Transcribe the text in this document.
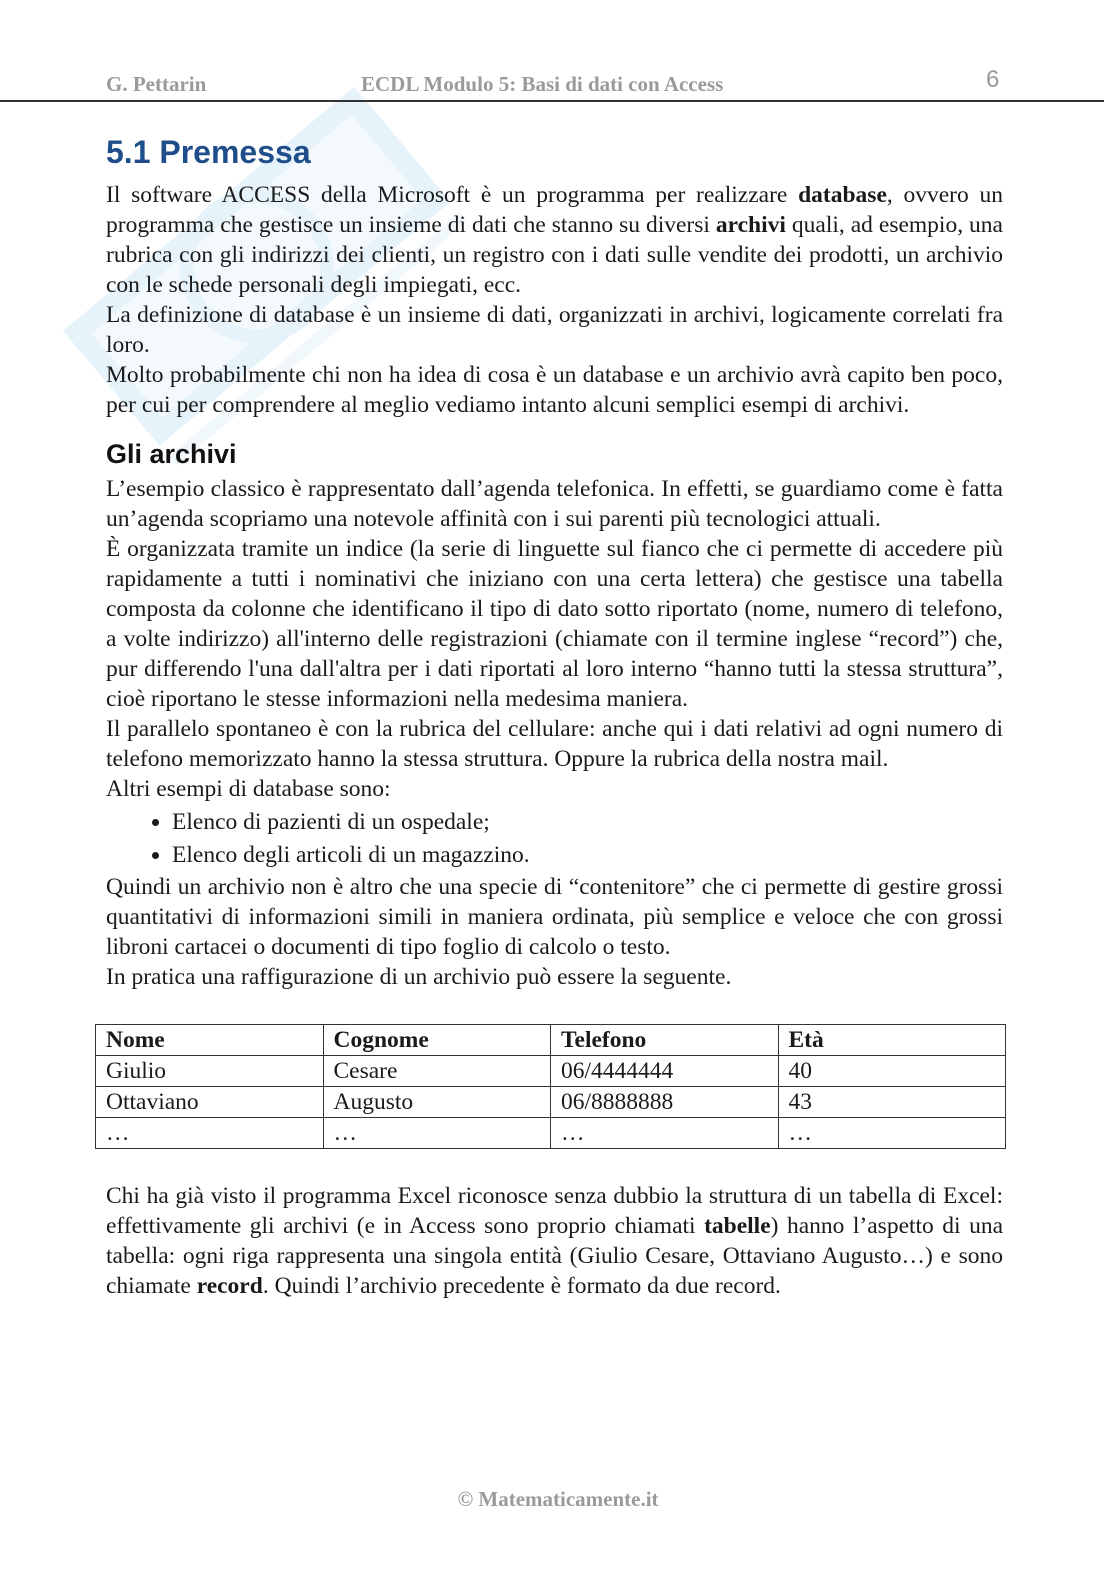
G. Pettarin	ECDL Modulo 5: Basi di dati con Access	6
5.1 Premessa

Il software ACCESS della Microsoft è un programma per realizzare database, ovvero un programma che gestisce un insieme di dati che stanno su diversi archivi quali, ad esempio, una rubrica con gli indirizzi dei clienti, un registro con i dati sulle vendite dei prodotti, un archivio con le schede personali degli impiegati, ecc.

La definizione di database è un insieme di dati, organizzati in archivi, logicamente correlati fra loro.

Molto probabilmente chi non ha idea di cosa è un database e un archivio avrà capito ben poco, per cui per comprendere al meglio vediamo intanto alcuni semplici esempi di archivi.

Gli archivi

L’esempio classico è rappresentato dall’agenda telefonica. In effetti, se guardiamo come è fatta un’agenda scopriamo una notevole affinità con i sui parenti più tecnologici attuali.

È organizzata tramite un indice (la serie di linguette sul fianco che ci permette di accedere più rapidamente a tutti i nominativi che iniziano con una certa lettera) che gestisce una tabella composta da colonne che identificano il tipo di dato sotto riportato (nome, numero di telefono, a volte indirizzo) all'interno delle registrazioni (chiamate con il termine inglese “record”) che, pur differendo l'una dall'altra per i dati riportati al loro interno “hanno tutti la stessa struttura”, cioè riportano le stesse informazioni nella medesima maniera.

Il parallelo spontaneo è con la rubrica del cellulare: anche qui i dati relativi ad ogni numero di telefono memorizzato hanno la stessa struttura. Oppure la rubrica della nostra mail.

Altri esempi di database sono:

• Elenco di pazienti di un ospedale;
• Elenco degli articoli di un magazzino.

Quindi un archivio non è altro che una specie di “contenitore” che ci permette di gestire grossi quantitativi di informazioni simili in maniera ordinata, più semplice e veloce che con grossi libroni cartacei o documenti di tipo foglio di calcolo o testo.

In pratica una raffigurazione di un archivio può essere la seguente.

Nome	Cognome	Telefono	Età
Giulio	Cesare	06/4444444	40
Ottaviano	Augusto	06/8888888	43
…	…	…	…

Chi ha già visto il programma Excel riconosce senza dubbio la struttura di un tabella di Excel: effettivamente gli archivi (e in Access sono proprio chiamati tabelle) hanno l’aspetto di una tabella: ogni riga rappresenta una singola entità (Giulio Cesare, Ottaviano Augusto…) e sono chiamate record. Quindi l’archivio precedente è formato da due record.

© Matematicamente.it
